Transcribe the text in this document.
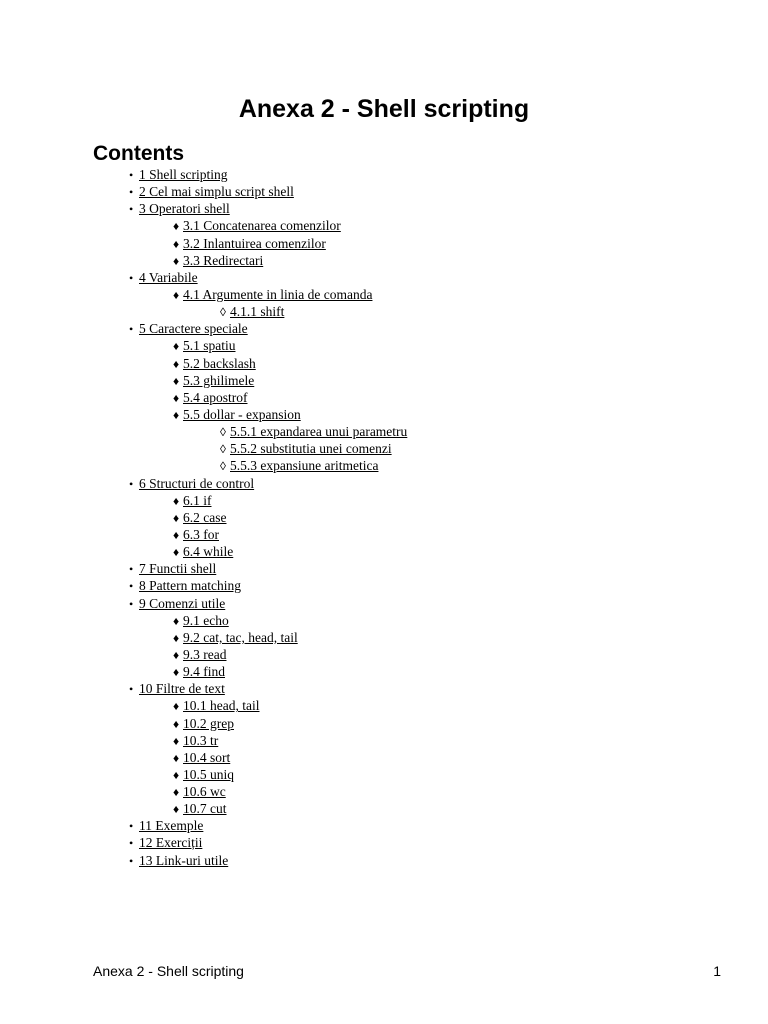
Anexa 2 - Shell scripting
Contents
• 1 Shell scripting
• 2 Cel mai simplu script shell
• 3 Operatori shell
♦ 3.1 Concatenarea comenzilor
♦ 3.2 Inlantuirea comenzilor
♦ 3.3 Redirectari
• 4 Variabile
♦ 4.1 Argumente in linia de comanda
◊ 4.1.1 shift
• 5 Caractere speciale
♦ 5.1 spatiu
♦ 5.2 backslash
♦ 5.3 ghilimele
♦ 5.4 apostrof
♦ 5.5 dollar - expansion
◊ 5.5.1 expandarea unui parametru
◊ 5.5.2 substitutia unei comenzi
◊ 5.5.3 expansiune aritmetica
• 6 Structuri de control
♦ 6.1 if
♦ 6.2 case
♦ 6.3 for
♦ 6.4 while
• 7 Functii shell
• 8 Pattern matching
• 9 Comenzi utile
♦ 9.1 echo
♦ 9.2 cat, tac, head, tail
♦ 9.3 read
♦ 9.4 find
• 10 Filtre de text
♦ 10.1 head, tail
♦ 10.2 grep
♦ 10.3 tr
♦ 10.4 sort
♦ 10.5 uniq
♦ 10.6 wc
♦ 10.7 cut
• 11 Exemple
• 12 Exerciții
• 13 Link-uri utile
Anexa 2 - Shell scripting	1
